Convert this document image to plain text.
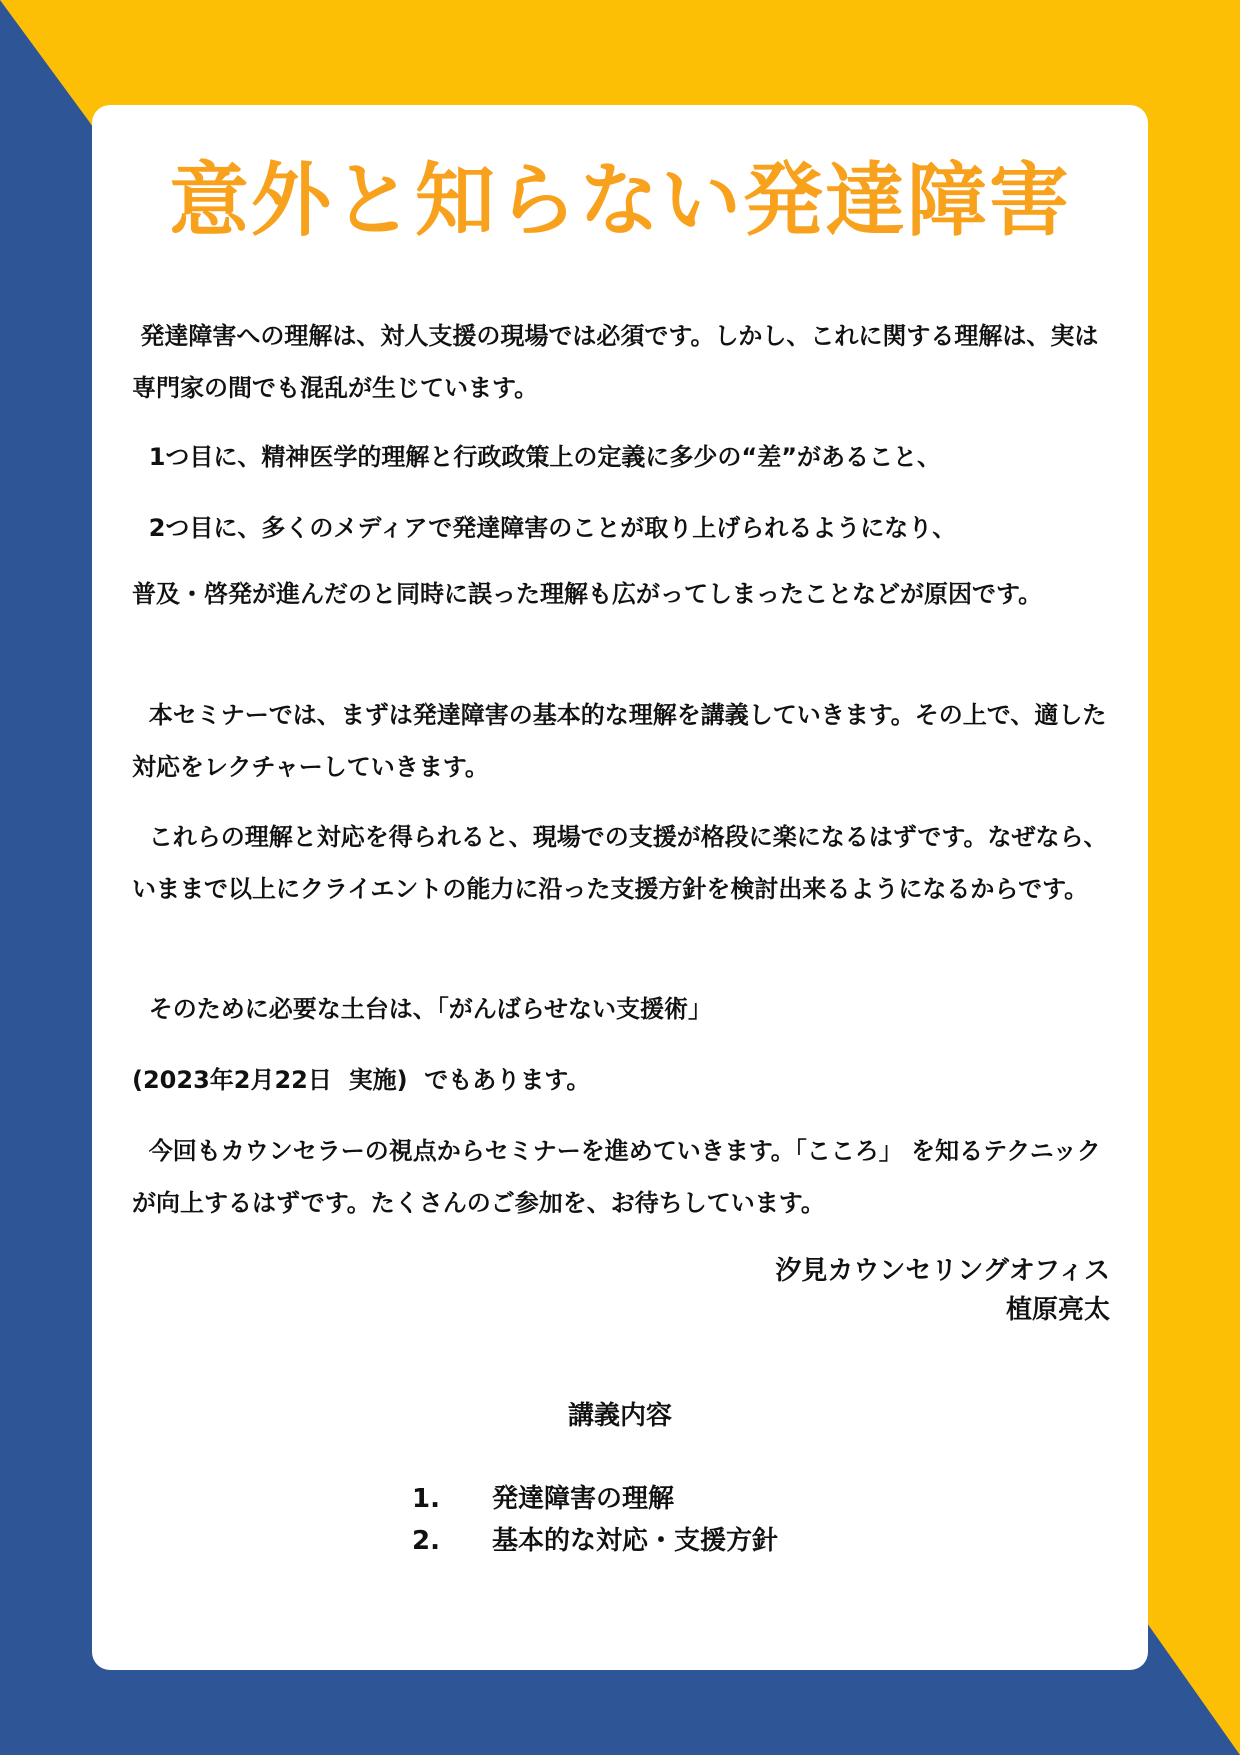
意外と知らない発達障害
発達障害への理解は、対人支援の現場では必須です。しかし、これに関する理解は、実は専門家の間でも混乱が生じています。
1つ目に、精神医学的理解と行政政策上の定義に多少の“差”があること、
2つ目に、多くのメディアで発達障害のことが取り上げられるようになり、
普及・啓発が進んだのと同時に誤った理解も広がってしまったことなどが原因です。
本セミナーでは、まずは発達障害の基本的な理解を講義していきます。その上で、適した対応をレクチャーしていきます。
これらの理解と対応を得られると、現場での支援が格段に楽になるはずです。なぜなら、いままで以上にクライエントの能力に沿った支援方針を検討出来るようになるからです。
そのために必要な土台は、「がんばらせない支援術」
(2023年2月22日  実施)  でもあります。
今回もカウンセラーの視点からセミナーを進めていきます。「こころ」 を知るテクニックが向上するはずです。たくさんのご参加を、お待ちしています。
汐見カウンセリングオフィス
植原亮太
講義内容
1. 発達障害の理解
2. 基本的な対応・支援方針
